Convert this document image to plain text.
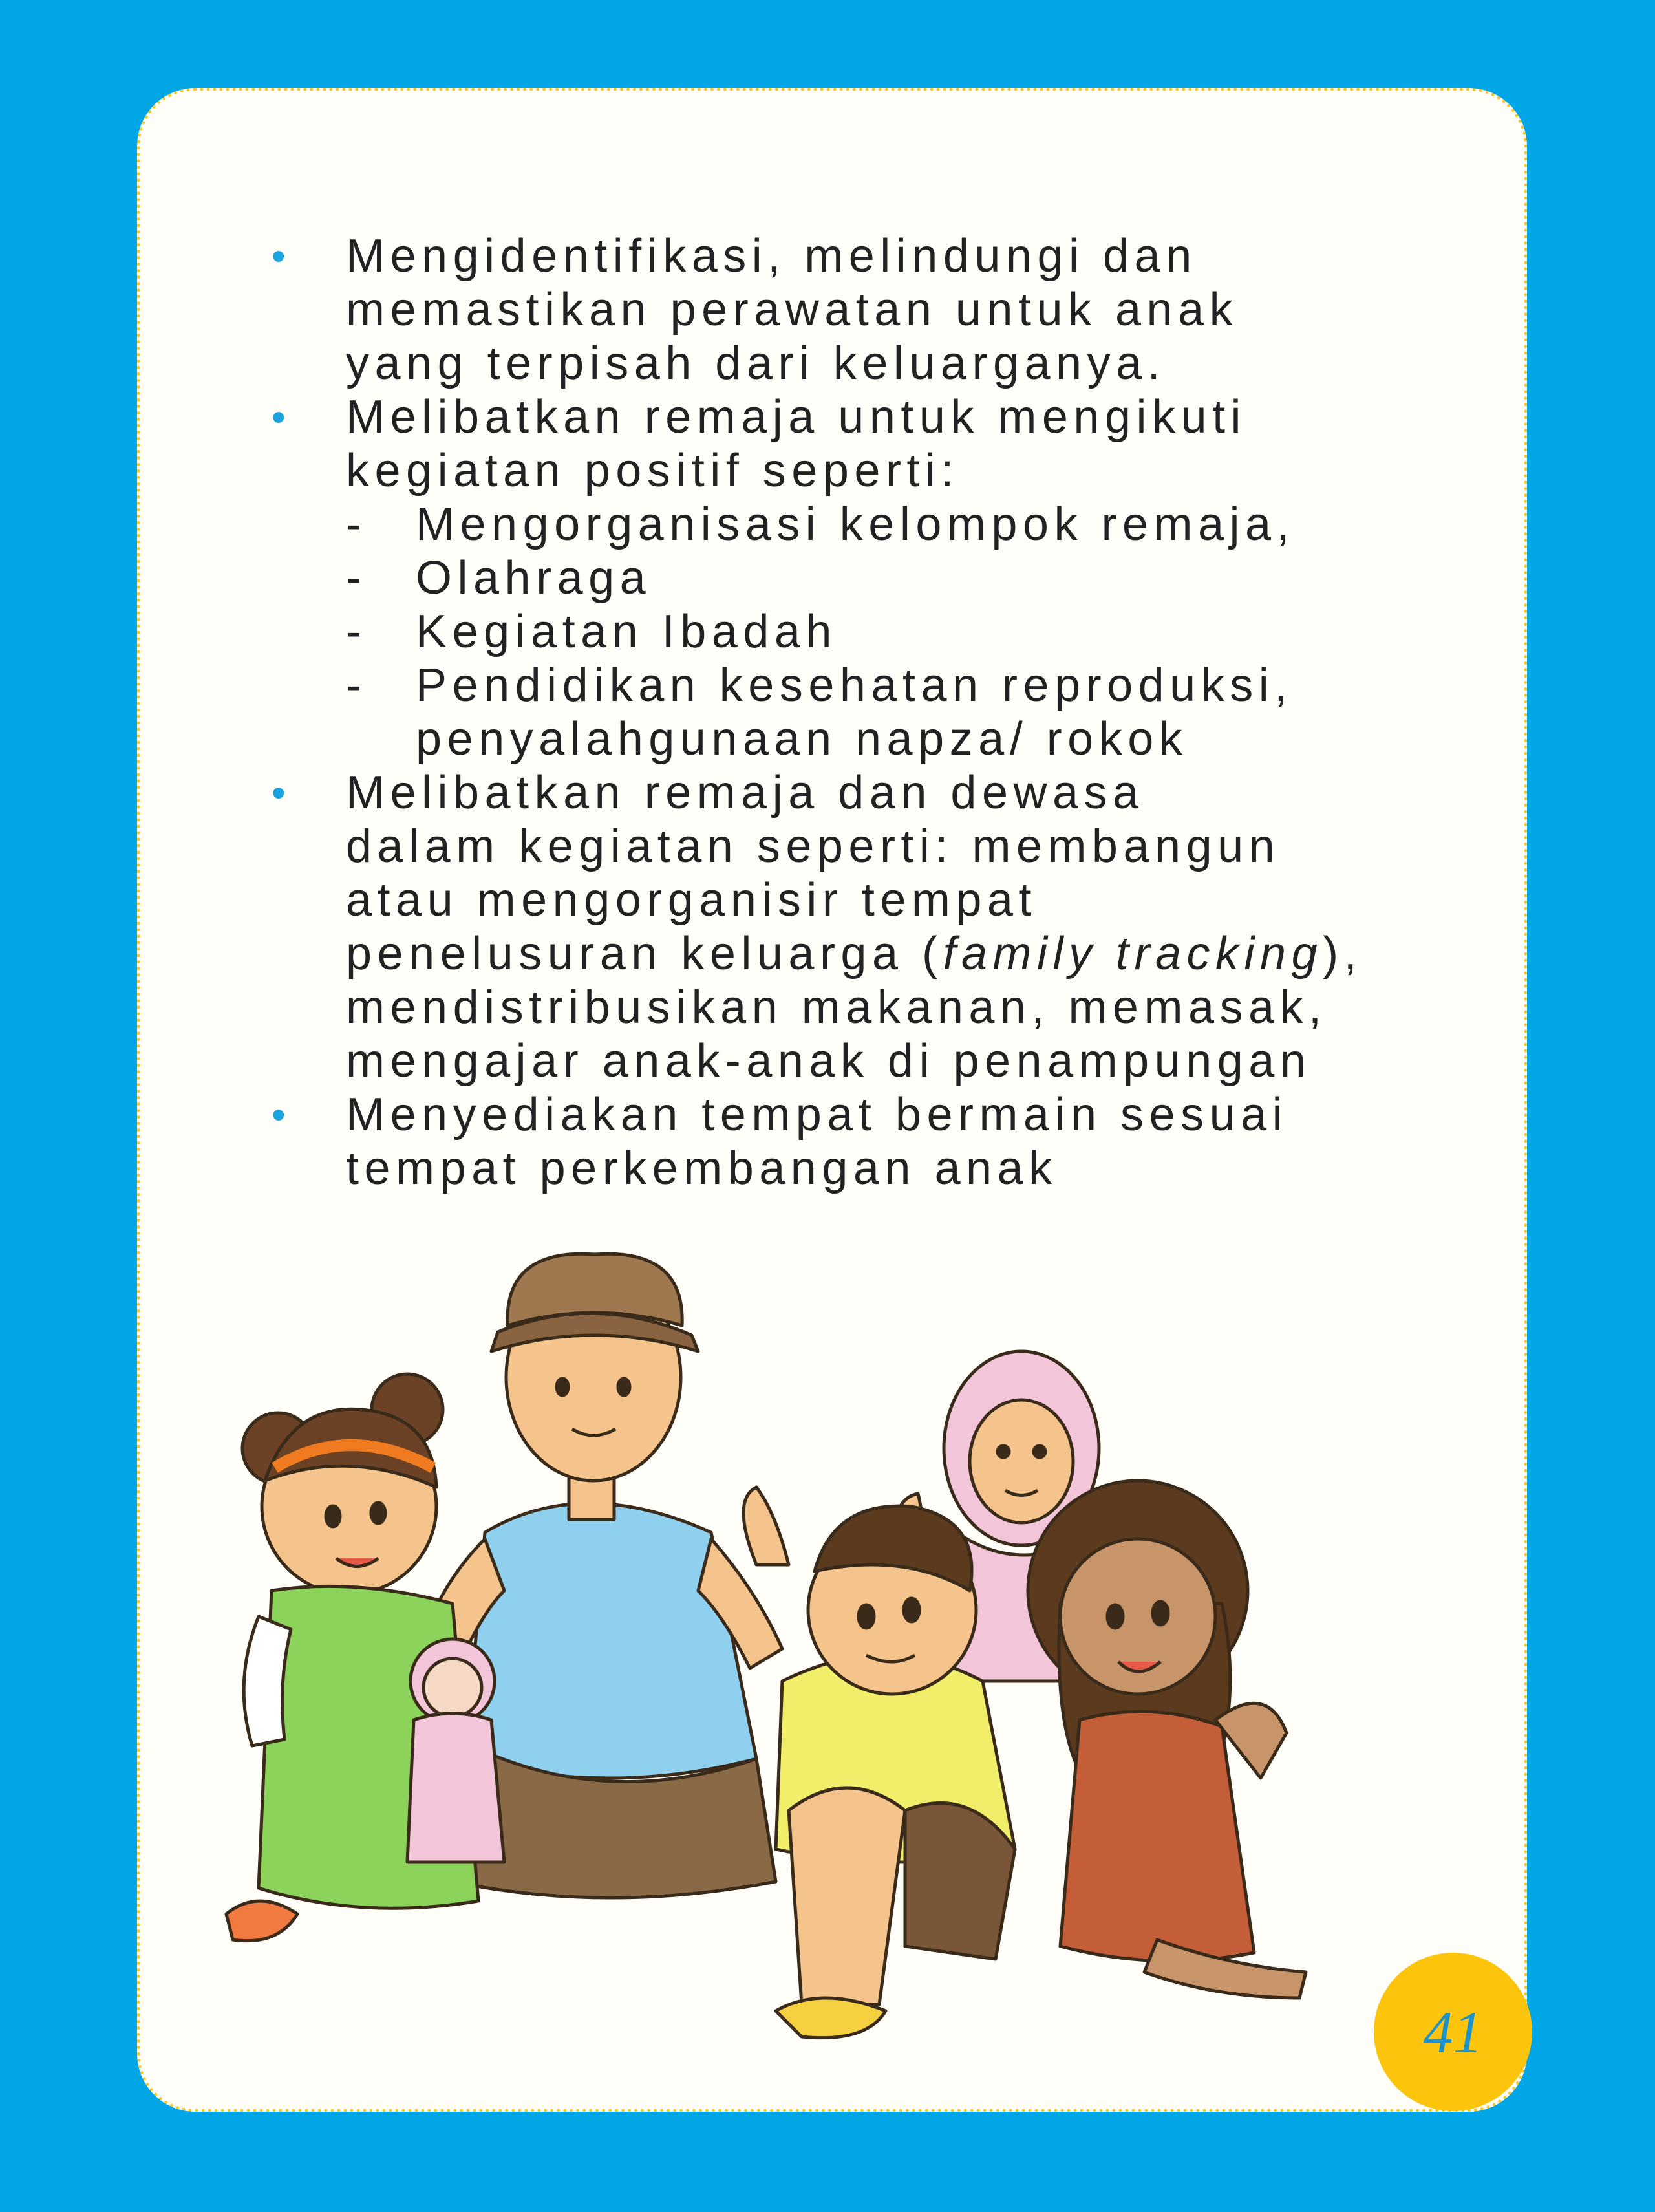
• Mengidentifikasi, melindungi dan
memastikan perawatan untuk anak
yang terpisah dari keluarganya.
• Melibatkan remaja untuk mengikuti
kegiatan positif seperti:
- Mengorganisasi kelompok remaja,
- Olahraga
- Kegiatan Ibadah
- Pendidikan kesehatan reproduksi,
penyalahgunaan napza/ rokok
• Melibatkan remaja dan dewasa
dalam kegiatan seperti: membangun
atau mengorganisir tempat
penelusuran keluarga (family tracking),
mendistribusikan makanan, memasak,
mengajar anak-anak di penampungan
• Menyediakan tempat bermain sesuai
tempat perkembangan anak
41
